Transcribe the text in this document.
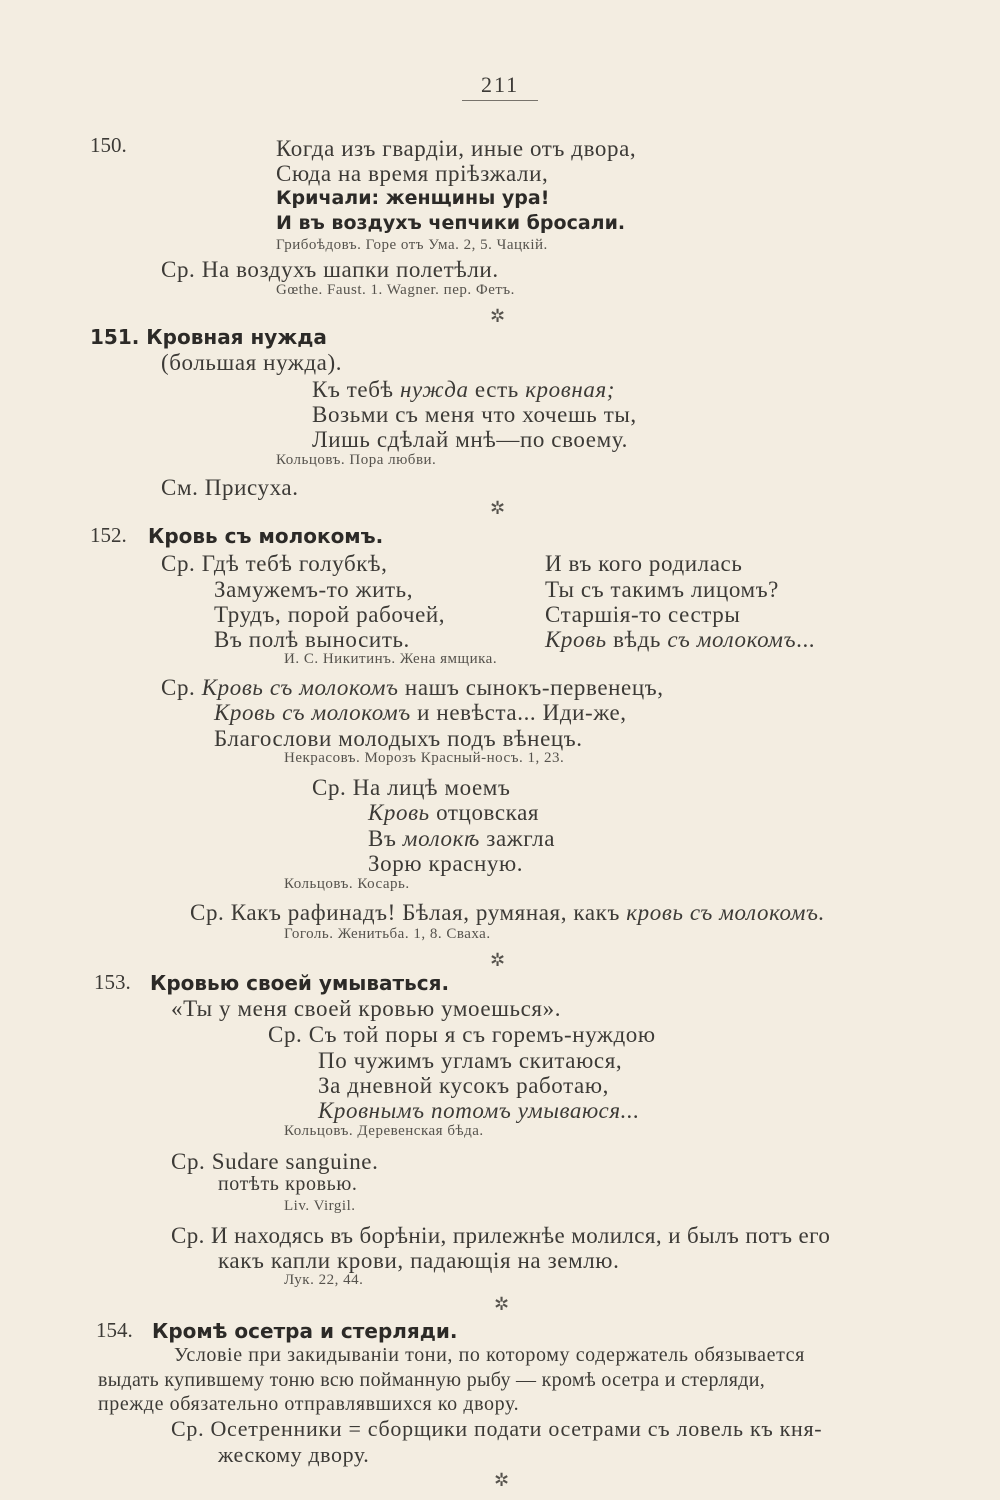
211
150.	Когда изъ гвардіи, иные отъ двора,
Сюда на время пріѣзжали,
Кричали: женщины ура!
И въ воздухъ чепчики бросали.
Грибоѣдовъ. Горе отъ Ума. 2, 5. Чацкій.
Ср. На воздухъ шапки полетѣли.
Gœthe. Faust. 1. Wagner. пер. Фетъ.
✲
151. Кровная нужда
(большая нужда).
Къ тебѣ нужда есть кровная;
Возьми съ меня что хочешь ты,
Лишь сдѣлай мнѣ—по своему.
Кольцовъ. Пора любви.
См. Присуха.
✲
152. Кровь съ молокомъ.
Ср. Гдѣ тебѣ голубкѣ,
Замужемъ-то жить,
Трудъ, порой рабочей,
Въ полѣ выносить.
И въ кого родилась
Ты съ такимъ лицомъ?
Старшія-то сестры
Кровь вѣдь съ молокомъ...
И. С. Никитинъ. Жена ямщика.
Ср. Кровь съ молокомъ нашъ сынокъ-первенецъ,
Кровь съ молокомъ и невѣста... Иди-же,
Благослови молодыхъ подъ вѣнецъ.
Некрасовъ. Морозъ Красный-носъ. 1, 23.
Ср. На лицѣ моемъ
Кровь отцовская
Въ молокѣ зажгла
Зорю красную.
Кольцовъ. Косарь.
Ср. Какъ рафинадъ! Бѣлая, румяная, какъ кровь съ молокомъ.
Гоголь. Женитьба. 1, 8. Сваха.
✲
153. Кровью своей умываться.
«Ты у меня своей кровью умоешься».
Ср. Съ той поры я съ горемъ-нуждою
По чужимъ угламъ скитаюся,
За дневной кусокъ работаю,
Кровнымъ потомъ умываюся...
Кольцовъ. Деревенская бѣда.
Ср. Sudare sanguine.
потѣть кровью.
Liv. Virgil.
Ср. И находясь въ борѣніи, прилежнѣе молился, и былъ потъ его
какъ капли крови, падающія на землю.
Лук. 22, 44.
✲
154. Кромѣ осетра и стерляди.
Условіе при закидываніи тони, по которому содержатель обязывается
выдать купившему тоню всю пойманную рыбу — кромѣ осетра и стерляди,
прежде обязательно отправлявшихся ко двору.
Ср. Осетренники = сборщики подати осетрами съ ловель къ кня-
жескому двору.
✲
